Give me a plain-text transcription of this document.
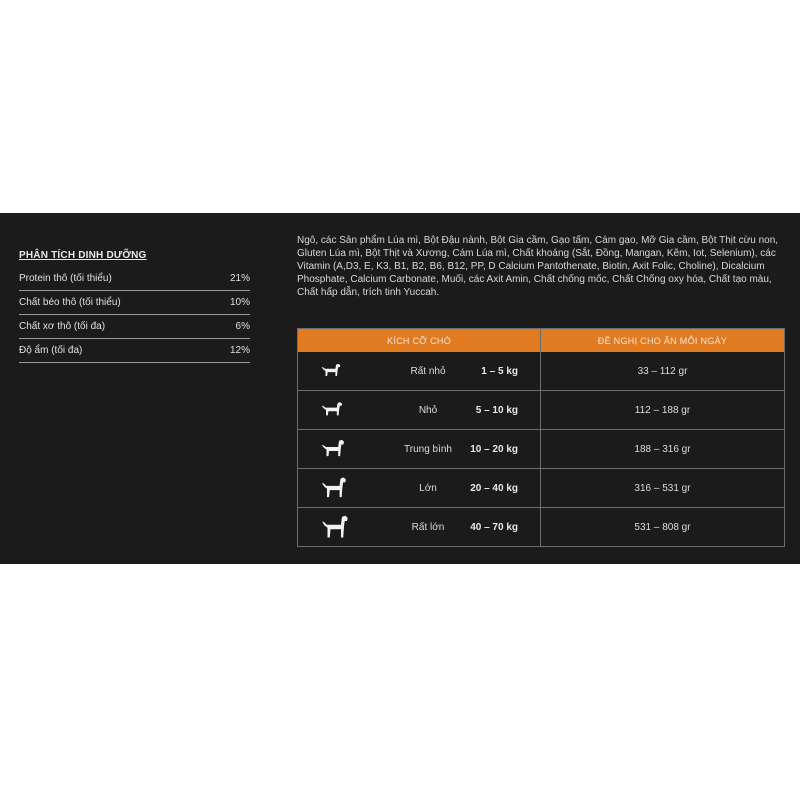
PHÂN TÍCH DINH DƯỠNG
Protein thô (tối thiểu)	21%
Chất béo thô (tối thiểu)	10%
Chất xơ thô (tối đa)	6%
Độ ẩm (tối đa)	12%

Ngô, các Sản phẩm Lúa mì, Bột Đậu nành, Bột Gia cầm, Gạo tấm, Cám gạo, Mỡ Gia cầm, Bột Thịt cừu non, Gluten Lúa mì, Bột Thịt và Xương, Cám Lúa mì, Chất khoáng (Sắt, Đồng, Mangan, Kẽm, Iot, Selenium), các Vitamin (A,D3, E, K3, B1, B2, B6, B12, PP, D Calcium Pantothenate, Biotin, Axit Folic, Choline), Dicalcium Phosphate, Calcium Carbonate, Muối, các Axit Amin, Chất chống mốc, Chất Chống oxy hóa, Chất tạo màu, Chất hấp dẫn, trích tinh Yuccah.

KÍCH CỠ CHÓ	ĐỀ NGHỊ CHO ĂN MỖI NGÀY
Rất nhỏ	1 – 5 kg	33 – 112 gr
Nhỏ	5 – 10 kg	112 – 188 gr
Trung bình	10 – 20 kg	188 – 316 gr
Lớn	20 – 40 kg	316 – 531 gr
Rất lớn	40 – 70 kg	531 – 808 gr
